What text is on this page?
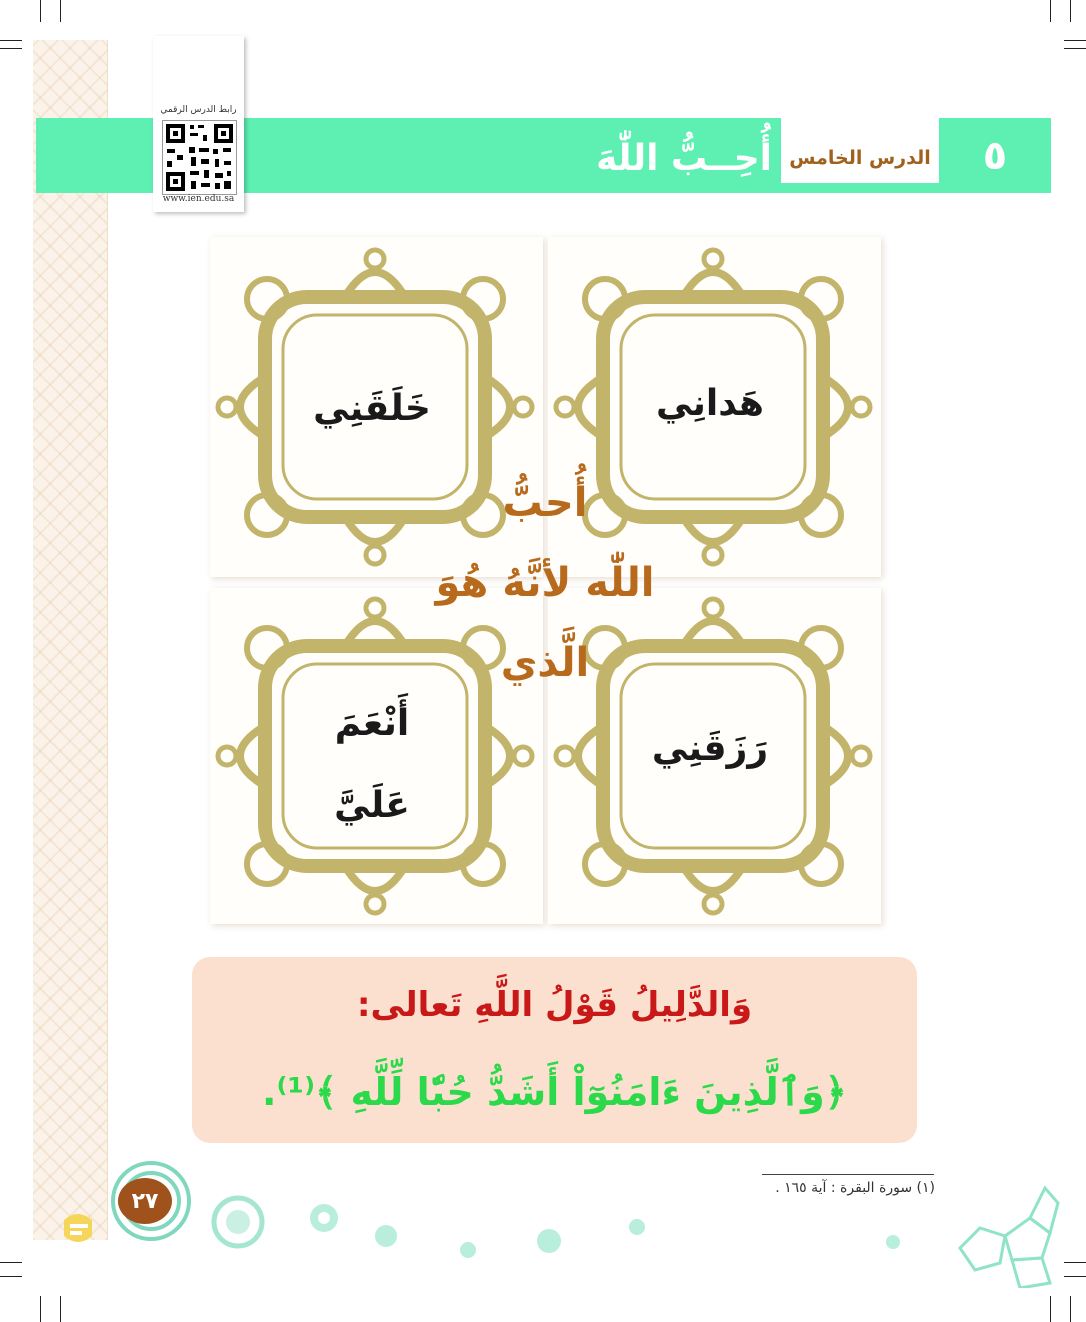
٥
الدرس الخامس
أُحِــبُّ اللّٰهَ
رابط الدرس الرقمي
www.ien.edu.sa
هَدانِي
خَلَقَنِي
رَزَقَنِي
أَنْعَمَ
عَلَيَّ
أُحبُّ
اللّٰه لأنَّهُ هُوَ
الَّذي
وَالدَّلِيلُ قَوْلُ اللَّهِ تَعالى:
﴿وَٱلَّذِينَ ءَامَنُوٓاْ أَشَدُّ حُبّٗا لِّلَّهِ ﴾⁽¹⁾.
(١) سورة البقرة : آية ١٦٥ .
٢٧
